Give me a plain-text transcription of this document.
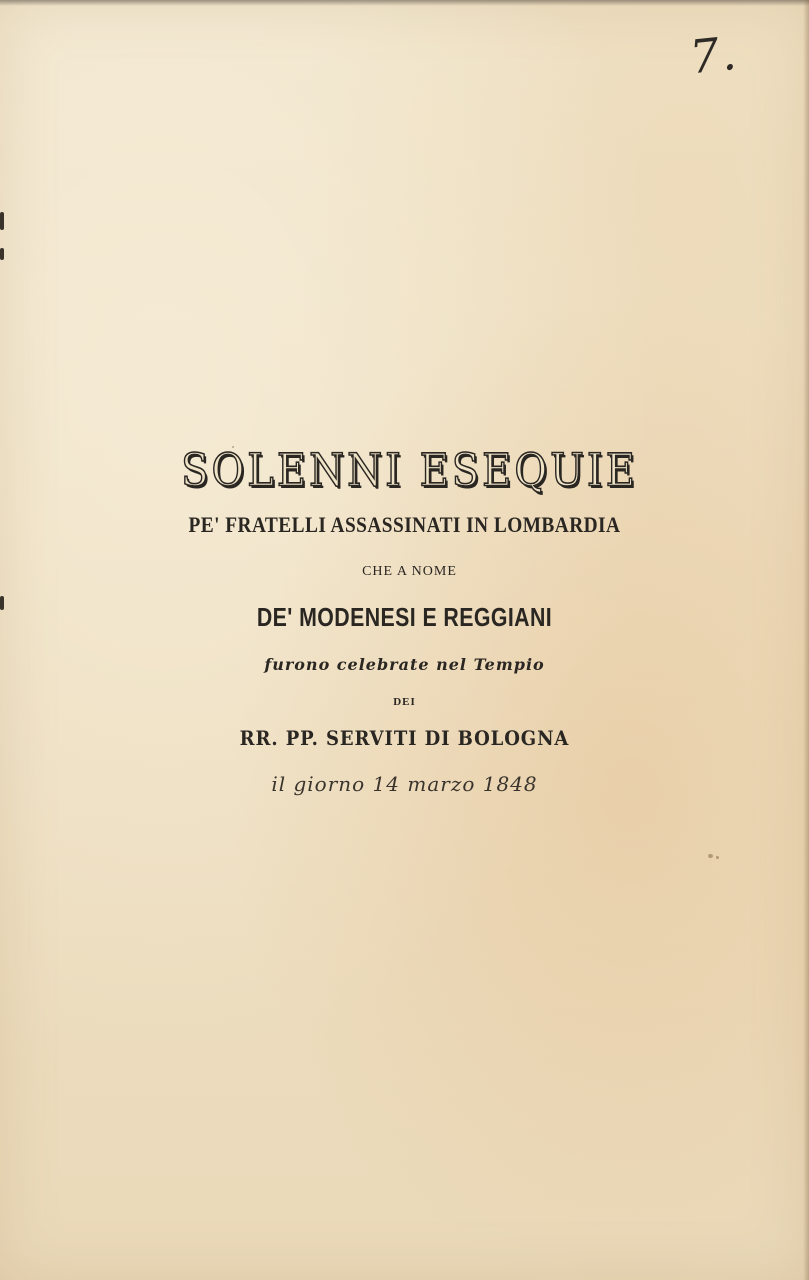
7.
SOLENNI ESEQUIE
PE' FRATELLI ASSASSINATI IN LOMBARDIA
CHE A NOME
DE' MODENESI E REGGIANI
furono celebrate nel Tempio
DEI
RR. PP. SERVITI DI BOLOGNA
il giorno 14 marzo 1848
